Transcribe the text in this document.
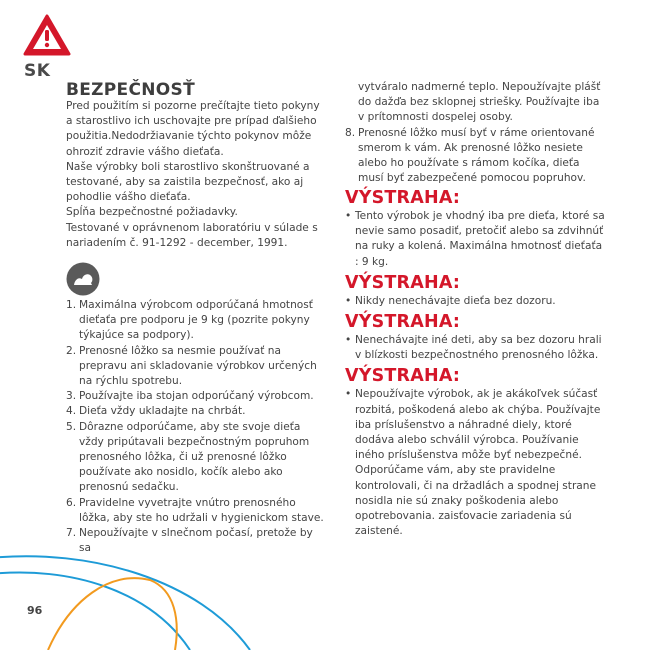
SK
BEZPEČNOSŤ

Pred použitím si pozorne prečítajte tieto pokyny a starostlivo ich uschovajte pre prípad ďalšieho použitia.Nedodržiavanie týchto pokynov môže ohroziť zdravie vášho dieťaťa.

Naše výrobky boli starostlivo skonštruované a testované, aby sa zaistila bezpečnosť, ako aj pohodlie vášho dieťaťa.

Spĺňa bezpečnostné požiadavky.

Testované v oprávnenom laboratóriu v súlade s nariadením č. 91-1292 - december, 1991.

1. Maximálna výrobcom odporúčaná hmotnosť dieťaťa pre podporu je 9 kg (pozrite pokyny týkajúce sa podpory).
2. Prenosné lôžko sa nesmie používať na prepravu ani skladovanie výrobkov určených na rýchlu spotrebu.
3. Používajte iba stojan odporúčaný výrobcom.
4. Dieťa vždy ukladajte na chrbát.
5. Dôrazne odporúčame, aby ste svoje dieťa vždy pripútavali bezpečnostným popruhom prenosného lôžka, či už prenosné lôžko používate ako nosidlo, kočík alebo ako prenosnú sedačku.
6. Pravidelne vyvetrajte vnútro prenosného lôžka, aby ste ho udržali v hygienickom stave.
7. Nepoužívajte v slnečnom počasí, pretože by sa
vytváralo nadmerné teplo. Nepoužívajte plášť do dažďa bez sklopnej striešky. Používajte iba v prítomnosti dospelej osoby.
8. Prenosné lôžko musí byť v ráme orientované smerom k vám. Ak prenosné lôžko nesiete alebo ho používate s rámom kočíka, dieťa musí byť zabezpečené pomocou popruhov.

VÝSTRAHA:

• Tento výrobok je vhodný iba pre dieťa, ktoré sa nevie samo posadiť, pretočiť alebo sa zdvihnúť na ruky a kolená. Maximálna hmotnosť dieťaťa : 9 kg.

VÝSTRAHA:

• Nikdy nenechávajte dieťa bez dozoru.

VÝSTRAHA:

• Nenechávajte iné deti, aby sa bez dozoru hrali v blízkosti bezpečnostného prenosného lôžka.

VÝSTRAHA:

• Nepoužívajte výrobok, ak je akákoľvek súčasť rozbitá, poškodená alebo ak chýba. Používajte iba príslušenstvo a náhradné diely, ktoré dodáva alebo schválil výrobca. Používanie iného príslušenstva môže byť nebezpečné. Odporúčame vám, aby ste pravidelne kontrolovali, či na držadlách a spodnej strane nosidla nie sú znaky poškodenia alebo opotrebovania. zaisťovacie zariadenia sú zaistené.

96
